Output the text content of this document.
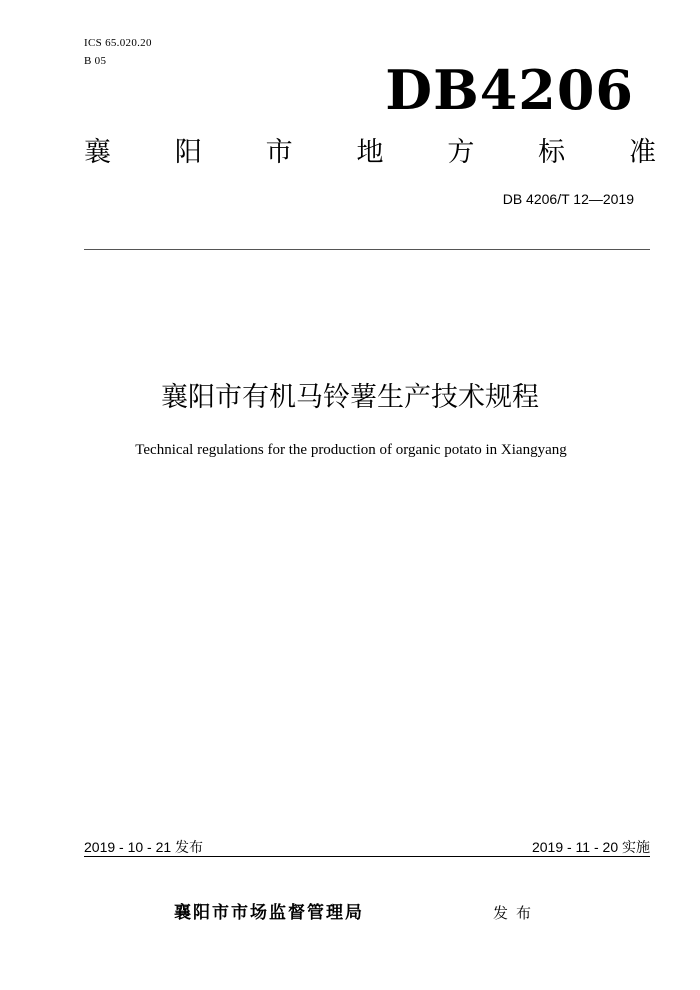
ICS 65.020.20
B 05	DB4206
襄 阳 市 地 方 标 准
DB 4206/T 12—2019
襄阳市有机马铃薯生产技术规程
Technical regulations for the production of organic potato in Xiangyang
2019 - 10 - 21 发布	2019 - 11 - 20 实施
襄阳市市场监督管理局	发布
